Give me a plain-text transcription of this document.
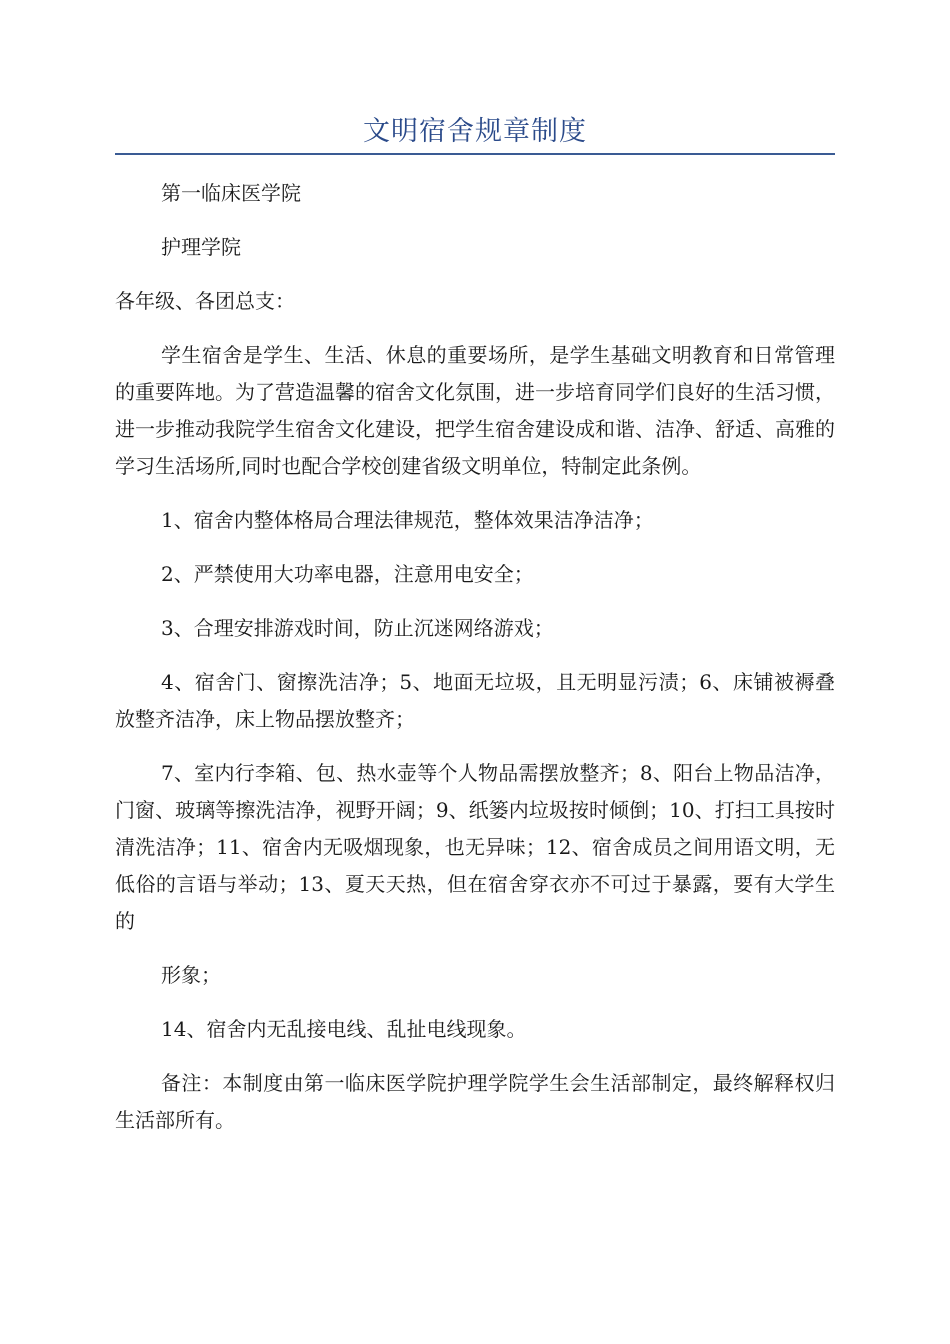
文明宿舍规章制度

第一临床医学院

护理学院

各年级、各团总支：

学生宿舍是学生、生活、休息的重要场所，是学生基础文明教育和日常管理的重要阵地。为了营造温馨的宿舍文化氛围，进一步培育同学们良好的生活习惯，进一步推动我院学生宿舍文化建设，把学生宿舍建设成和谐、洁净、舒适、高雅的学习生活场所,同时也配合学校创建省级文明单位，特制定此条例。

1、宿舍内整体格局合理法律规范，整体效果洁净洁净；

2、严禁使用大功率电器，注意用电安全；

3、合理安排游戏时间，防止沉迷网络游戏；

4、宿舍门、窗擦洗洁净；5、地面无垃圾，且无明显污渍；6、床铺被褥叠放整齐洁净，床上物品摆放整齐；

7、室内行李箱、包、热水壶等个人物品需摆放整齐；8、阳台上物品洁净，门窗、玻璃等擦洗洁净，视野开阔；9、纸篓内垃圾按时倾倒；10、打扫工具按时清洗洁净；11、宿舍内无吸烟现象，也无异味；12、宿舍成员之间用语文明，无低俗的言语与举动；13、夏天天热，但在宿舍穿衣亦不可过于暴露，要有大学生的

形象；

14、宿舍内无乱接电线、乱扯电线现象。

备注：本制度由第一临床医学院护理学院学生会生活部制定，最终解释权归生活部所有。
